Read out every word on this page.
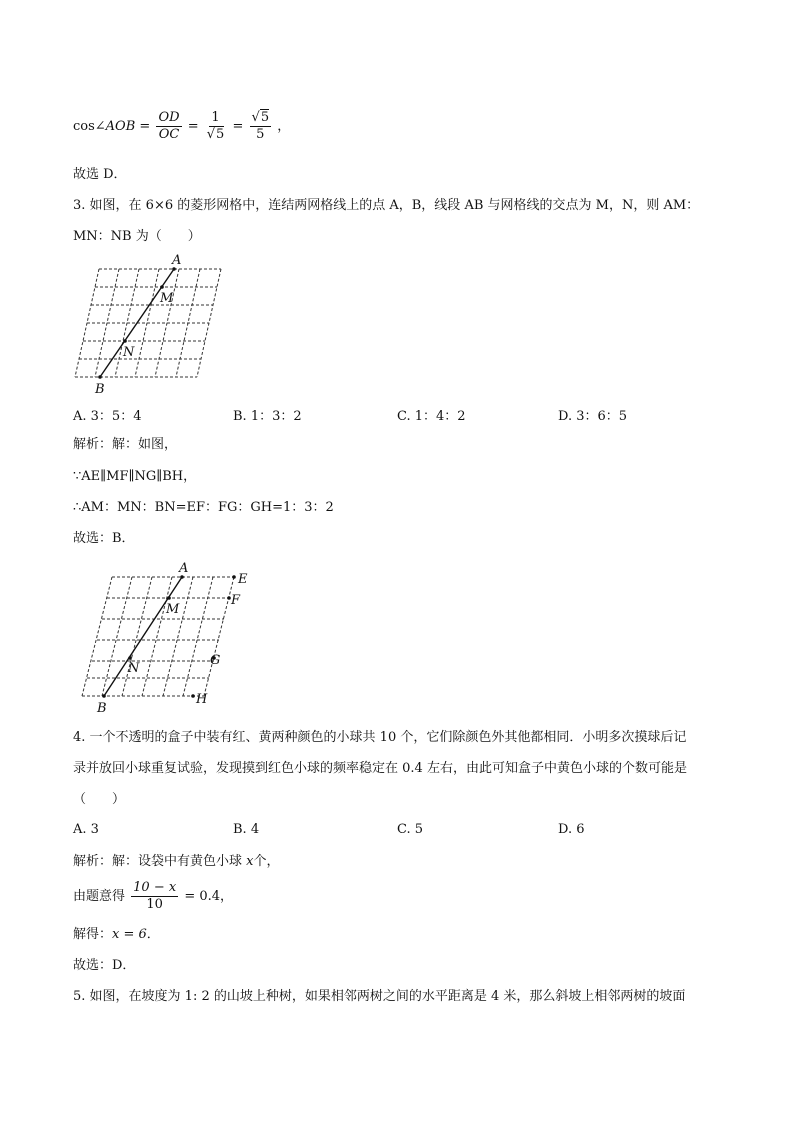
cos∠AOB = $\frac{OD}{OC} = \frac{1}{√5} = \frac{√5}{5}$ ，
故选 D．
3. 如图，在 6×6 的菱形网格中，连结两网格线上的点 A，B，线段 AB 与网格线的交点为 M，N，则 AM：
MN：NB 为（　　）
A
M
N
B
A. 3：5：4	B. 1：3：2	C. 1：4：2	D. 3：6：5
解析：解：如图，
∵AE∥MF∥NG∥BH，
∴AM：MN：BN=EF：FG：GH=1：3：2
故选：B．
A
E
F
M
N
G
B
H
4. 一个不透明的盒子中装有红、黄两种颜色的小球共 10 个，它们除颜色外其他都相同．小明多次摸球后记
录并放回小球重复试验，发现摸到红色小球的频率稳定在 0.4 左右，由此可知盒子中黄色小球的个数可能是
（　　）
A. 3	B. 4	C. 5	D. 6
解析：解：设袋中有黄色小球 x个，
由题意得 $\frac{10 - x}{10} = 0.4$，
解得：x = 6．
故选：D．
5. 如图，在坡度为 1: 2 的山坡上种树，如果相邻两树之间的水平距离是 4 米，那么斜坡上相邻两树的坡面
